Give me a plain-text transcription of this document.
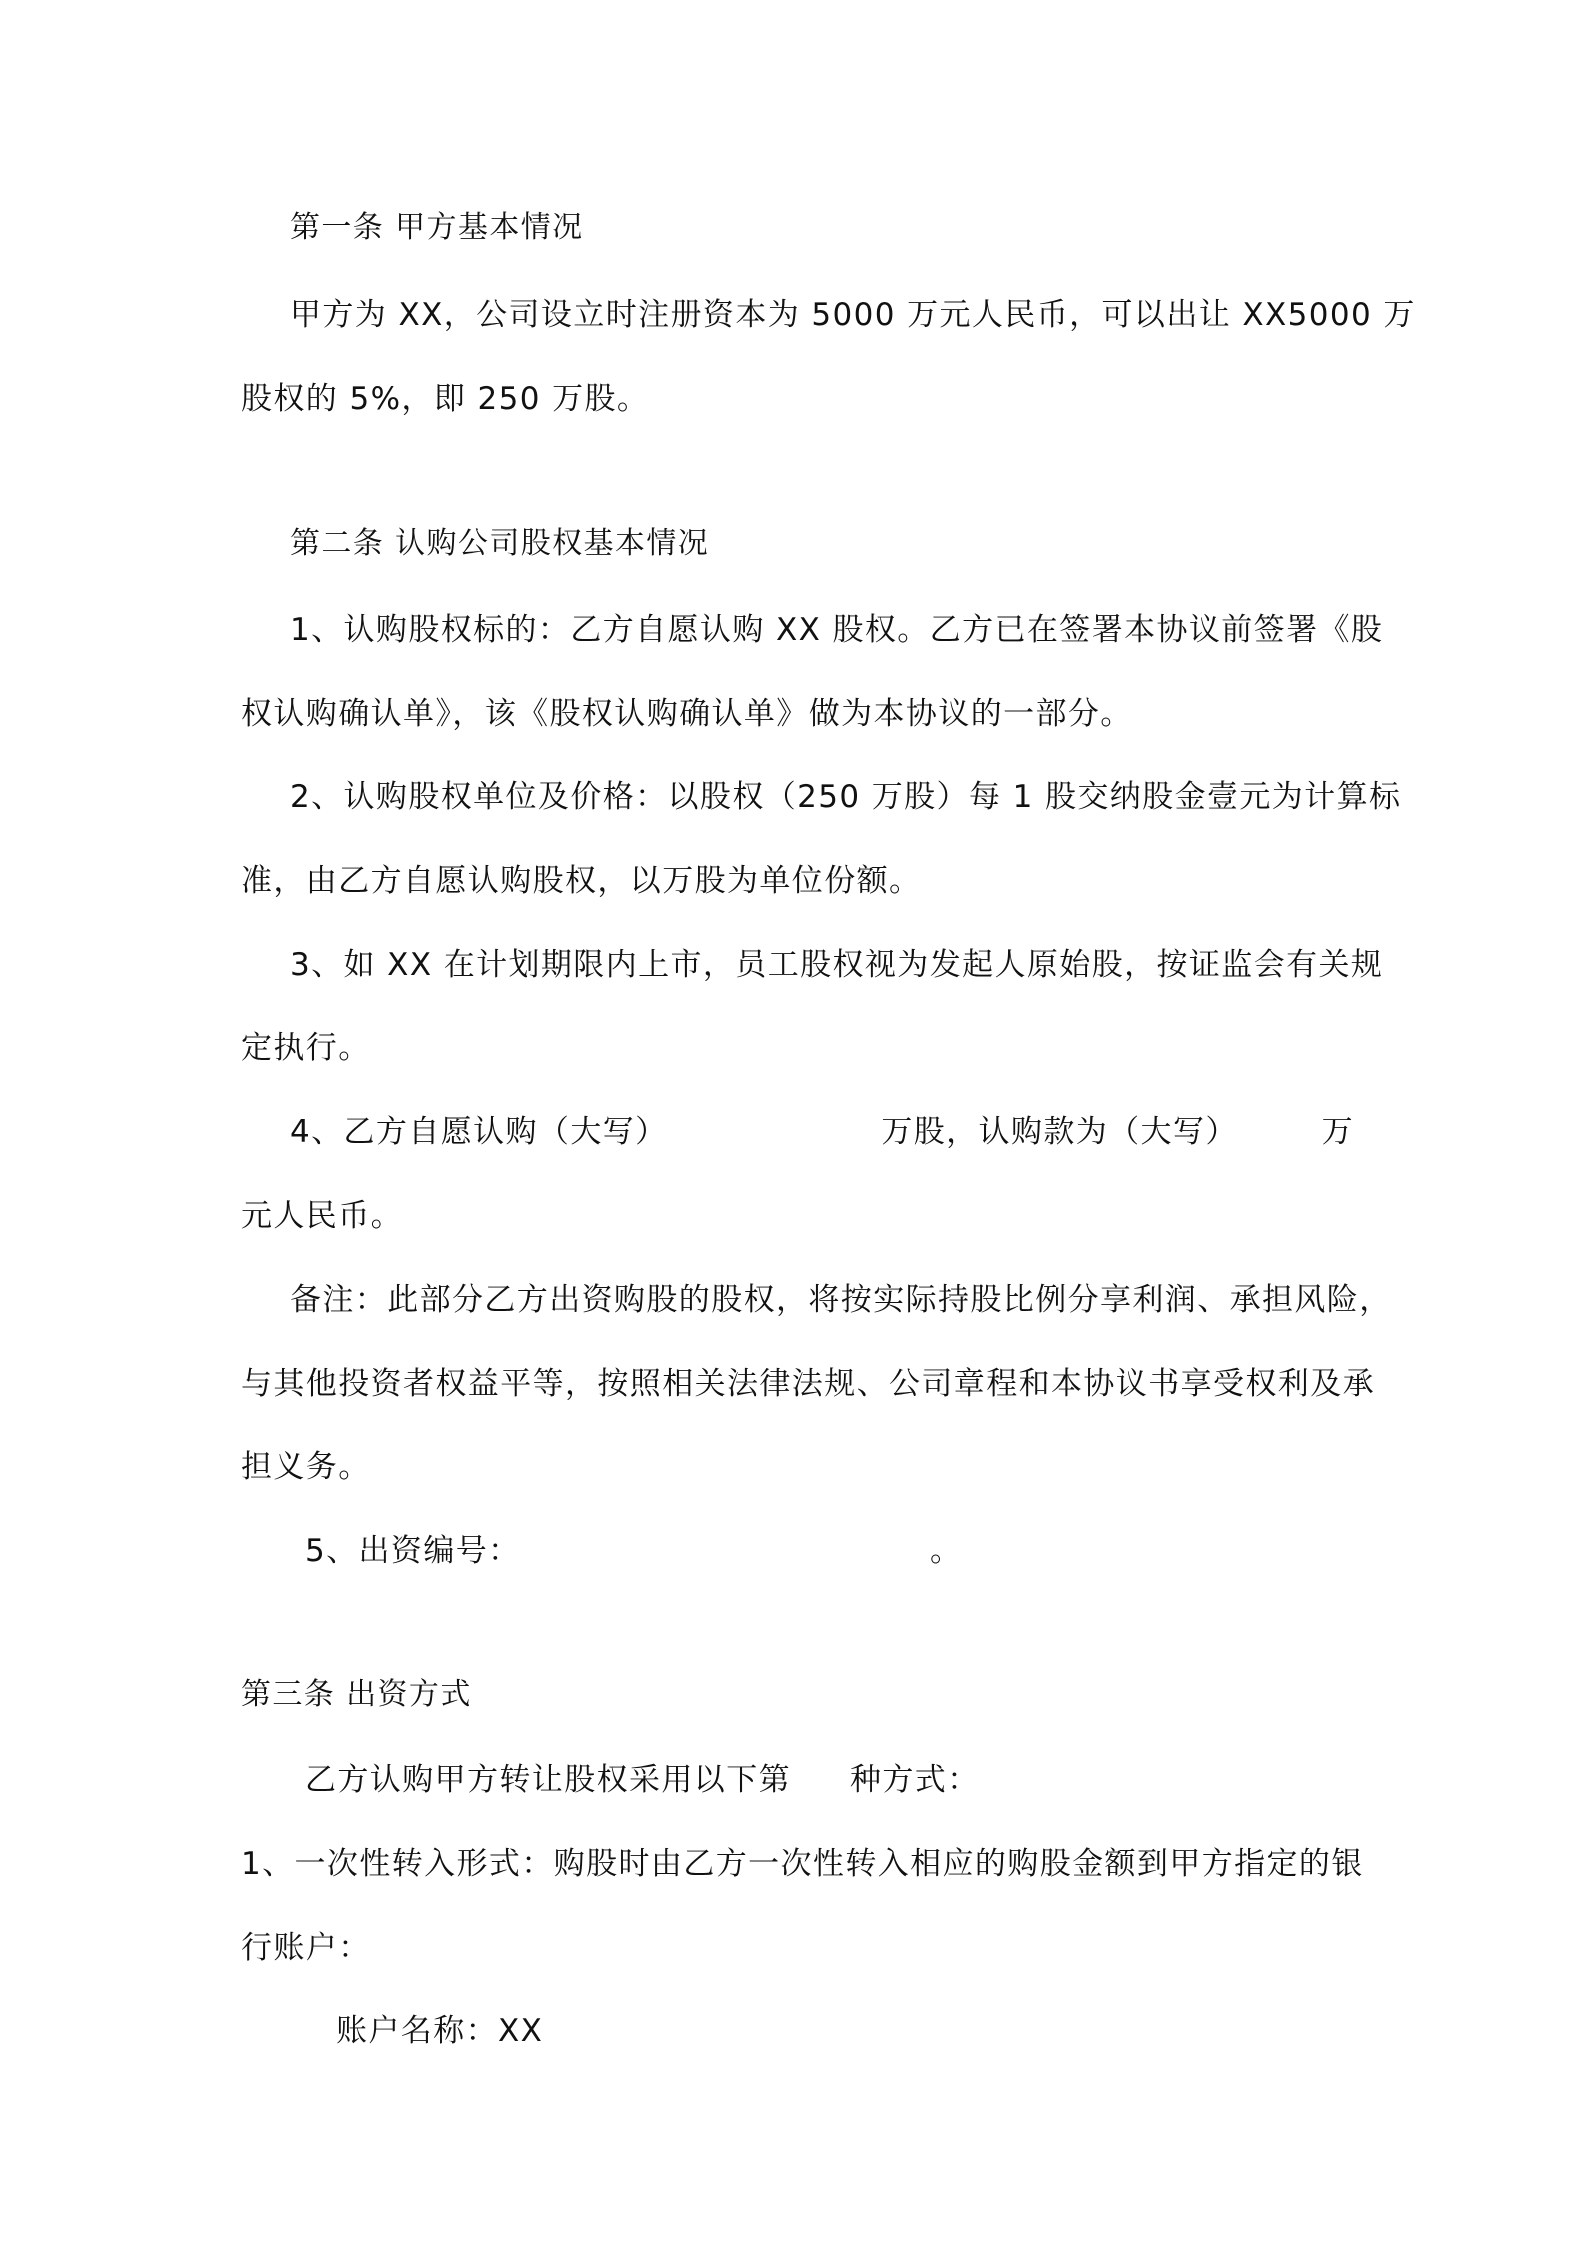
第一条 甲方基本情况
甲方为 XX，公司设立时注册资本为 5000 万元人民币，可以出让 XX5000 万
股权的 5%，即 250 万股。
第二条 认购公司股权基本情况
1、认购股权标的：乙方自愿认购 XX 股权。乙方已在签署本协议前签署《股
权认购确认单》，该《股权认购确认单》做为本协议的一部分。
2、认购股权单位及价格：以股权（250 万股）每 1 股交纳股金壹元为计算标
准，由乙方自愿认购股权，以万股为单位份额。
3、如 XX 在计划期限内上市，员工股权视为发起人原始股，按证监会有关规
定执行。
4、乙方自愿认购（大写）	万股，认购款为（大写）	万
元人民币。
备注：此部分乙方出资购股的股权，将按实际持股比例分享利润、承担风险，
与其他投资者权益平等，按照相关法律法规、公司章程和本协议书享受权利及承
担义务。
5、出资编号：	。
第三条 出资方式
乙方认购甲方转让股权采用以下第 种方式：
1、一次性转入形式：购股时由乙方一次性转入相应的购股金额到甲方指定的银
行账户：
账户名称：XX
